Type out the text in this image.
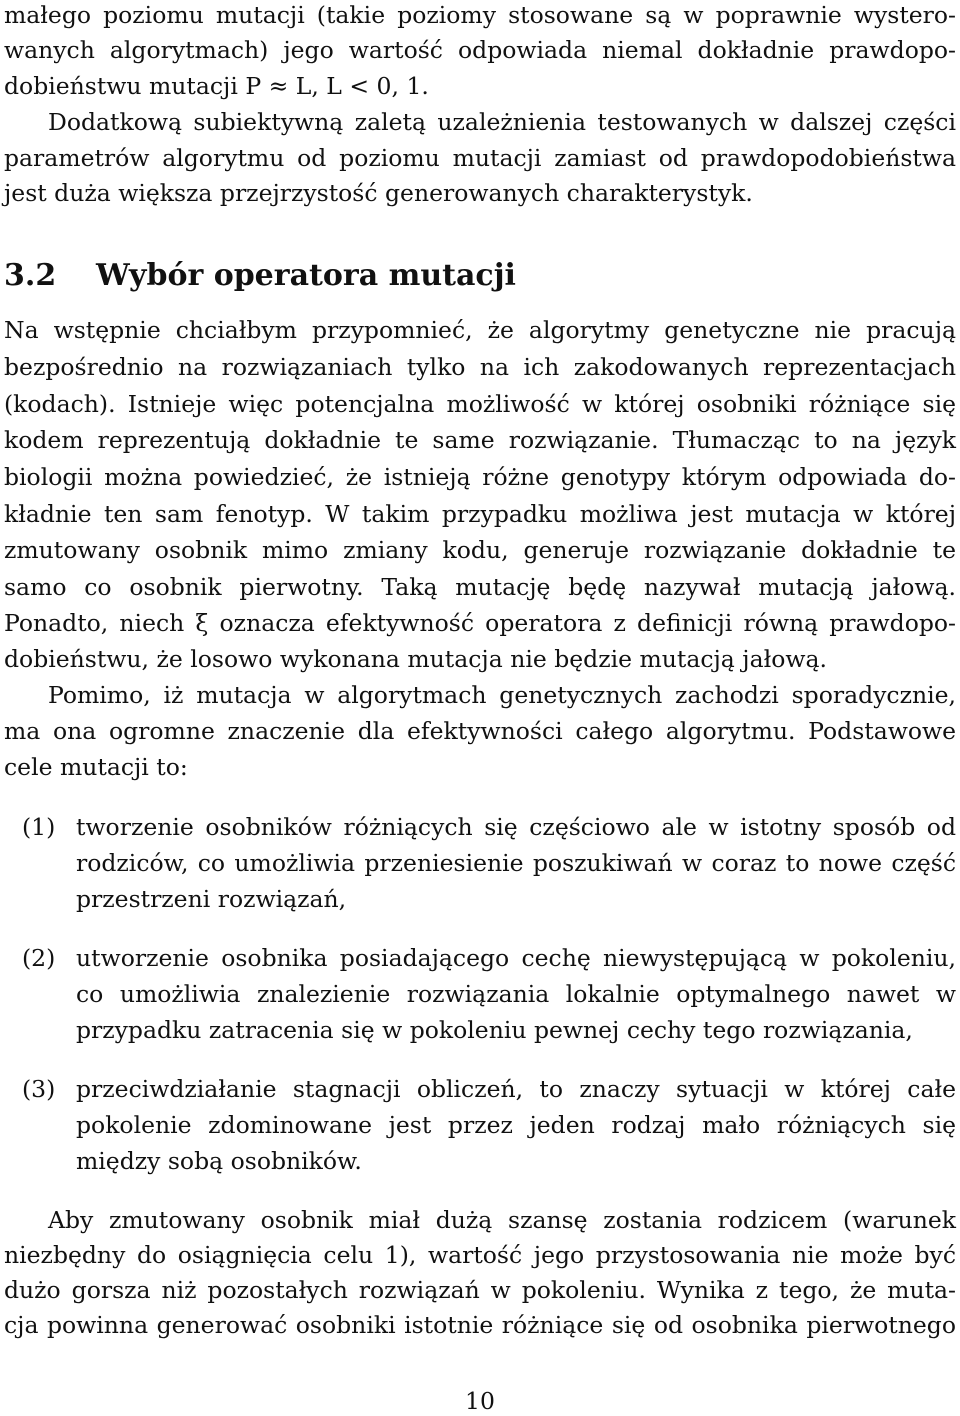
małego poziomu mutacji (takie poziomy stosowane są w poprawnie wystero-
wanych algorytmach) jego wartość odpowiada niemal dokładnie prawdopo-
dobieństwu mutacji P ≈ L, L < 0, 1.
Dodatkową subiektywną zaletą uzależnienia testowanych w dalszej części
parametrów algorytmu od poziomu mutacji zamiast od prawdopodobieństwa
jest duża większa przejrzystość generowanych charakterystyk.
3.2 Wybór operatora mutacji
Na wstępnie chciałbym przypomnieć, że algorytmy genetyczne nie pracują
bezpośrednio na rozwiązaniach tylko na ich zakodowanych reprezentacjach
(kodach). Istnieje więc potencjalna możliwość w której osobniki różniące się
kodem reprezentują dokładnie te same rozwiązanie. Tłumacząc to na język
biologii można powiedzieć, że istnieją różne genotypy którym odpowiada do-
kładnie ten sam fenotyp. W takim przypadku możliwa jest mutacja w której
zmutowany osobnik mimo zmiany kodu, generuje rozwiązanie dokładnie te
samo co osobnik pierwotny. Taką mutację będę nazywał mutacją jałową.
Ponadto, niech ξ oznacza efektywność operatora z definicji równą prawdopo-
dobieństwu, że losowo wykonana mutacja nie będzie mutacją jałową.
Pomimo, iż mutacja w algorytmach genetycznych zachodzi sporadycznie,
ma ona ogromne znaczenie dla efektywności całego algorytmu. Podstawowe
cele mutacji to:
(1) tworzenie osobników różniących się częściowo ale w istotny sposób od
rodziców, co umożliwia przeniesienie poszukiwań w coraz to nowe część
przestrzeni rozwiązań,
(2) utworzenie osobnika posiadającego cechę niewystępującą w pokoleniu,
co umożliwia znalezienie rozwiązania lokalnie optymalnego nawet w
przypadku zatracenia się w pokoleniu pewnej cechy tego rozwiązania,
(3) przeciwdziałanie stagnacji obliczeń, to znaczy sytuacji w której całe
pokolenie zdominowane jest przez jeden rodzaj mało różniących się
między sobą osobników.
Aby zmutowany osobnik miał dużą szansę zostania rodzicem (warunek
niezbędny do osiągnięcia celu 1), wartość jego przystosowania nie może być
dużo gorsza niż pozostałych rozwiązań w pokoleniu. Wynika z tego, że muta-
cja powinna generować osobniki istotnie różniące się od osobnika pierwotnego
10
